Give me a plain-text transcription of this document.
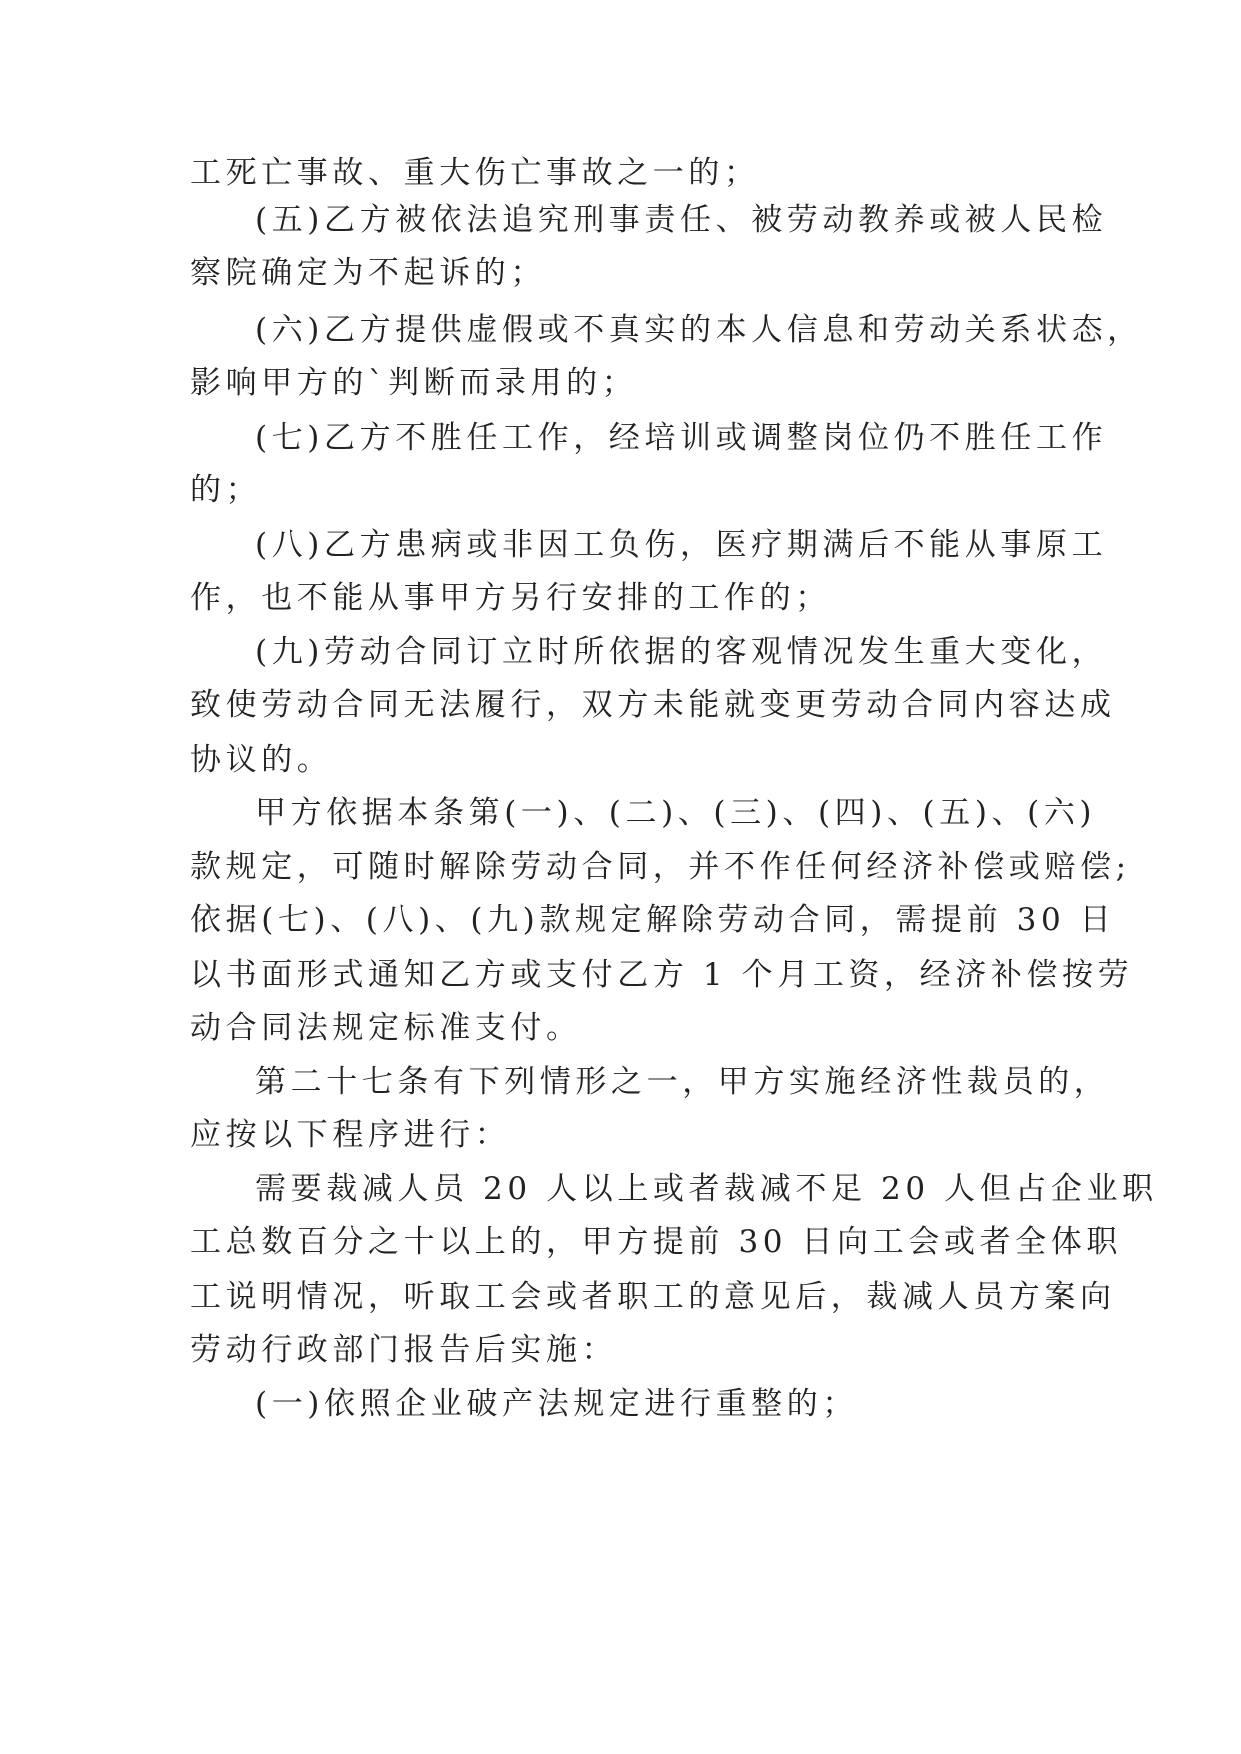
工死亡事故、重大伤亡事故之一的；
(五)乙方被依法追究刑事责任、被劳动教养或被人民检
察院确定为不起诉的；
(六)乙方提供虚假或不真实的本人信息和劳动关系状态，
影响甲方的`判断而录用的；
(七)乙方不胜任工作，经培训或调整岗位仍不胜任工作
的；
(八)乙方患病或非因工负伤，医疗期满后不能从事原工
作，也不能从事甲方另行安排的工作的；
(九)劳动合同订立时所依据的客观情况发生重大变化，
致使劳动合同无法履行，双方未能就变更劳动合同内容达成
协议的。
甲方依据本条第(一)、(二)、(三)、(四)、(五)、(六)
款规定，可随时解除劳动合同，并不作任何经济补偿或赔偿;
依据(七)、(八)、(九)款规定解除劳动合同，需提前 30 日
以书面形式通知乙方或支付乙方 1 个月工资，经济补偿按劳
动合同法规定标准支付。
第二十七条有下列情形之一，甲方实施经济性裁员的，
应按以下程序进行：
需要裁减人员 20 人以上或者裁减不足 20 人但占企业职
工总数百分之十以上的，甲方提前 30 日向工会或者全体职
工说明情况，听取工会或者职工的意见后，裁减人员方案向
劳动行政部门报告后实施：
(一)依照企业破产法规定进行重整的；
